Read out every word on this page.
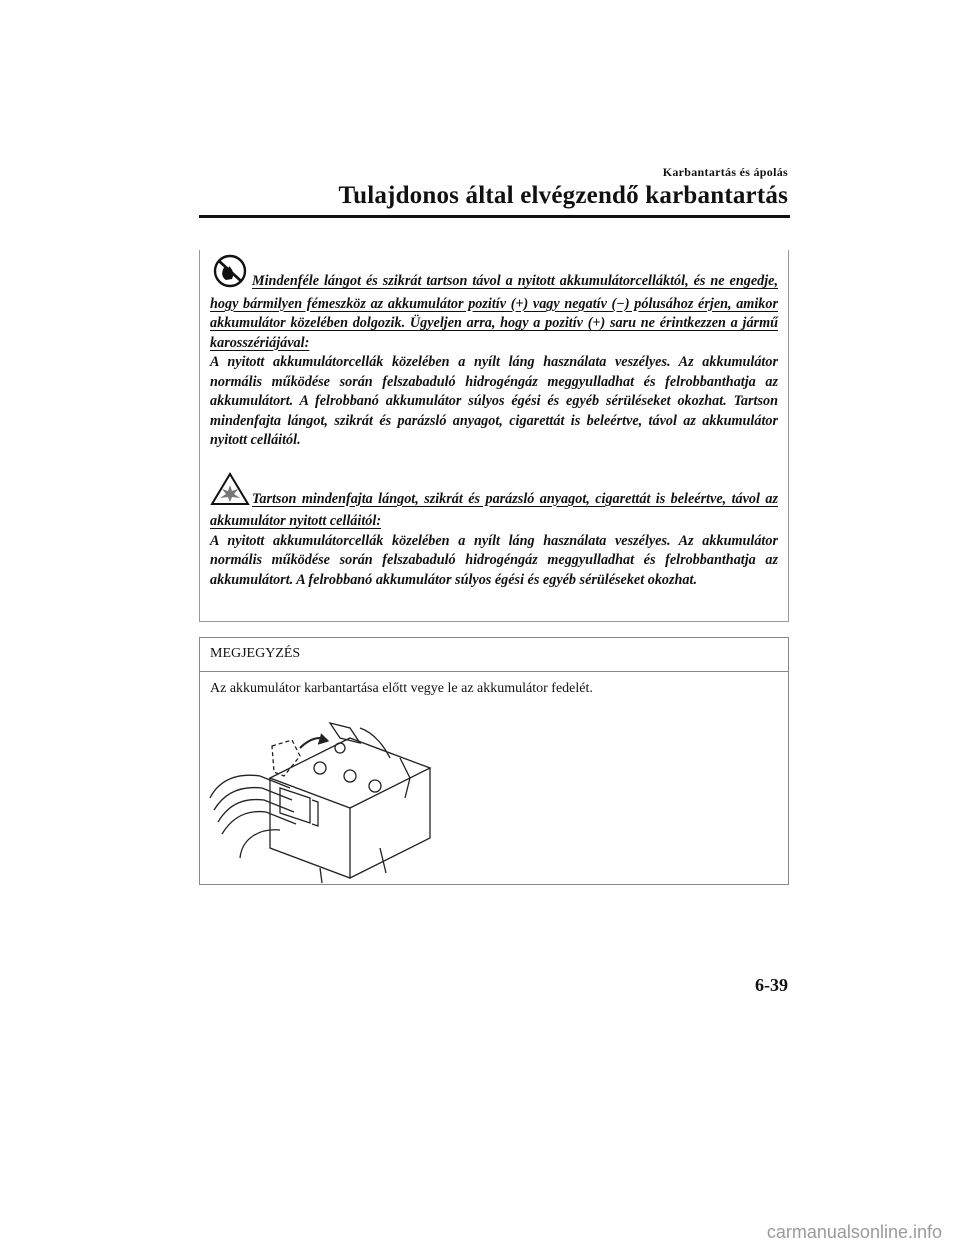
Karbantartás és ápolás
Tulajdonos által elvégzendő karbantartás

Mindenféle lángot és szikrát tartson távol a nyitott akkumulátorcelláktól, és ne engedje, hogy bármilyen fémeszköz az akkumulátor pozitív (+) vagy negatív (−) pólusához érjen, amikor akkumulátor közelében dolgozik. Ügyeljen arra, hogy a pozitív (+) saru ne érintkezzen a jármű karosszériájával:
A nyitott akkumulátorcellák közelében a nyílt láng használata veszélyes. Az akkumulátor normális működése során felszabaduló hidrogéngáz meggyulladhat és felrobbanthatja az akkumulátort. A felrobbanó akkumulátor súlyos égési és egyéb sérüléseket okozhat. Tartson mindenfajta lángot, szikrát és parázsló anyagot, cigarettát is beleértve, távol az akkumulátor nyitott celláitól.

Tartson mindenfajta lángot, szikrát és parázsló anyagot, cigarettát is beleértve, távol az akkumulátor nyitott celláitól:
A nyitott akkumulátorcellák közelében a nyílt láng használata veszélyes. Az akkumulátor normális működése során felszabaduló hidrogéngáz meggyulladhat és felrobbanthatja az akkumulátort. A felrobbanó akkumulátor súlyos égési és egyéb sérüléseket okozhat.

MEGJEGYZÉS
Az akkumulátor karbantartása előtt vegye le az akkumulátor fedelét.
6-39
carmanualsonline.info
